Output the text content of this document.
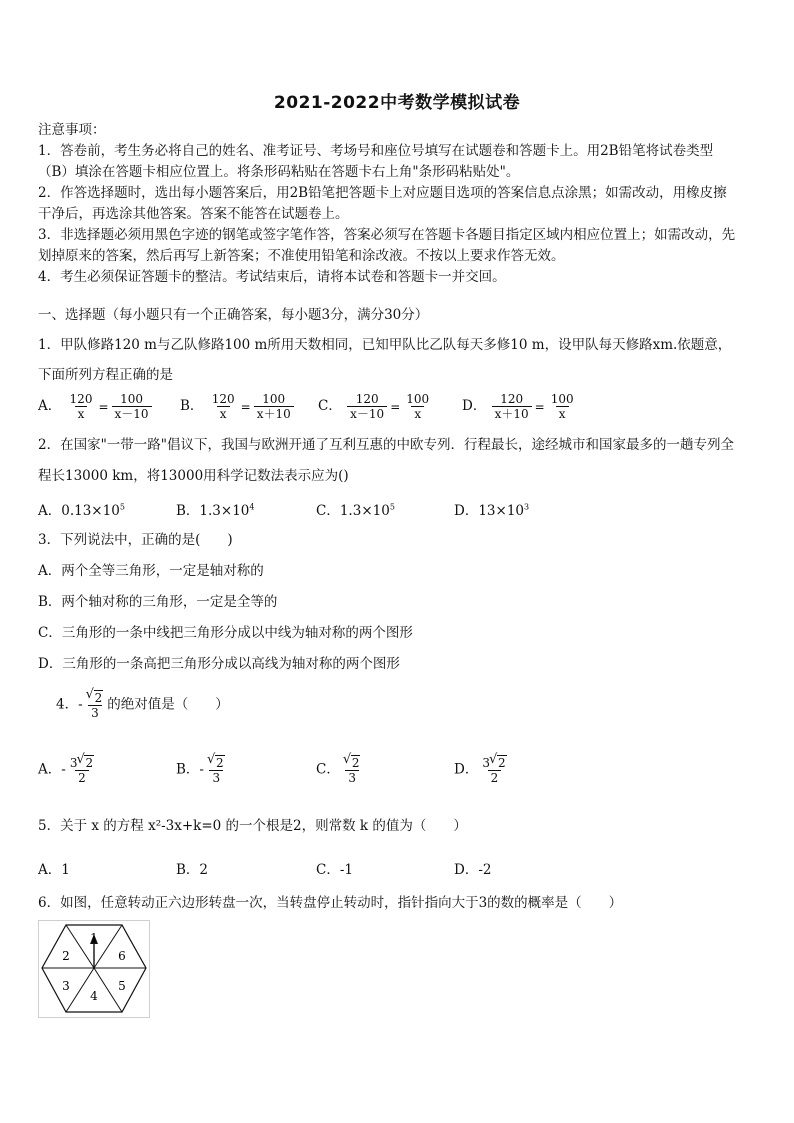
2021-2022中考数学模拟试卷
注意事项：
1．答卷前，考生务必将自己的姓名、准考证号、考场号和座位号填写在试题卷和答题卡上。用2B铅笔将试卷类型
（B）填涂在答题卡相应位置上。将条形码粘贴在答题卡右上角"条形码粘贴处"。
2．作答选择题时，选出每小题答案后，用2B铅笔把答题卡上对应题目选项的答案信息点涂黑；如需改动，用橡皮擦
干净后，再选涂其他答案。答案不能答在试题卷上。
3．非选择题必须用黑色字迹的钢笔或签字笔作答，答案必须写在答题卡各题目指定区域内相应位置上；如需改动，先
划掉原来的答案，然后再写上新答案；不准使用铅笔和涂改液。不按以上要求作答无效。
4．考生必须保证答题卡的整洁。考试结束后，请将本试卷和答题卡一并交回。
一、选择题（每小题只有一个正确答案，每小题3分，满分30分）
1．甲队修路120 m与乙队修路100 m所用天数相同，已知甲队比乙队每天多修10 m，设甲队每天修路xm.依题意，
下面所列方程正确的是
A． $\frac{120}{x} = \frac{100}{x-10}$ B． $\frac{120}{x} = \frac{100}{x+10}$ C． $\frac{120}{x-10} = \frac{100}{x}$ D． $\frac{120}{x+10} = \frac{100}{x}$
2．在国家"一带一路"倡议下，我国与欧洲开通了互利互惠的中欧专列．行程最长，途经城市和国家最多的一趟专列全
程长13000 km，将13000用科学记数法表示应为()
A．$0.13\times 10^5$	B．$1.3\times 10^4$	C．$1.3\times 10^5$	D．$13\times 10^3$
3．下列说法中，正确的是(　　)
A．两个全等三角形，一定是轴对称的
B．两个轴对称的三角形，一定是全等的
C．三角形的一条中线把三角形分成以中线为轴对称的两个图形
D．三角形的一条高把三角形分成以高线为轴对称的两个图形
4．- √ $\frac{2}{3}$ 的绝对值是（　　）
A．- $\frac{3 √ 2}{2}$	B．- √ $\frac{2}{3}$	C． √ $\frac{2}{3}$	D． $\frac{3 √ 2}{2}$
5．关于 x 的方程 x²-3x+k=0 的一个根是2，则常数 k 的值为（　　）
A．1	B．2	C．-1	D．-2
6．如图，任意转动正六边形转盘一次，当转盘停止转动时，指针指向大于3的数的概率是（　　）
1
2
3
4
5
6
